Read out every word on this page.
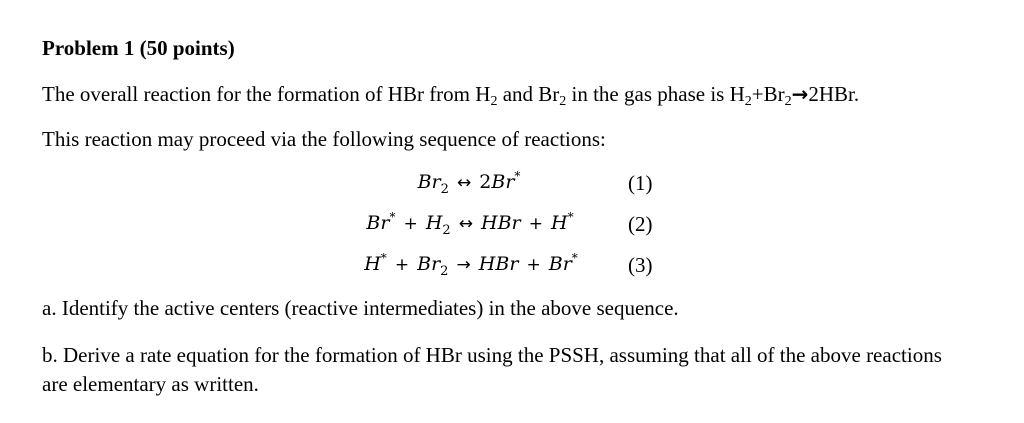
Problem 1 (50 points)
The overall reaction for the formation of HBr from H2 and Br2 in the gas phase is H2+Br2→2HBr.
This reaction may proceed via the following sequence of reactions:
$Br_2$ ↔ 2Br*	(1)
$Br^* + H_2$ ↔ HBr + H*	(2)
$H^* + Br_2$ → HBr + Br*	(3)
a. Identify the active centers (reactive intermediates) in the above sequence.
b. Derive a rate equation for the formation of HBr using the PSSH, assuming that all of the above reactions are elementary as written.
